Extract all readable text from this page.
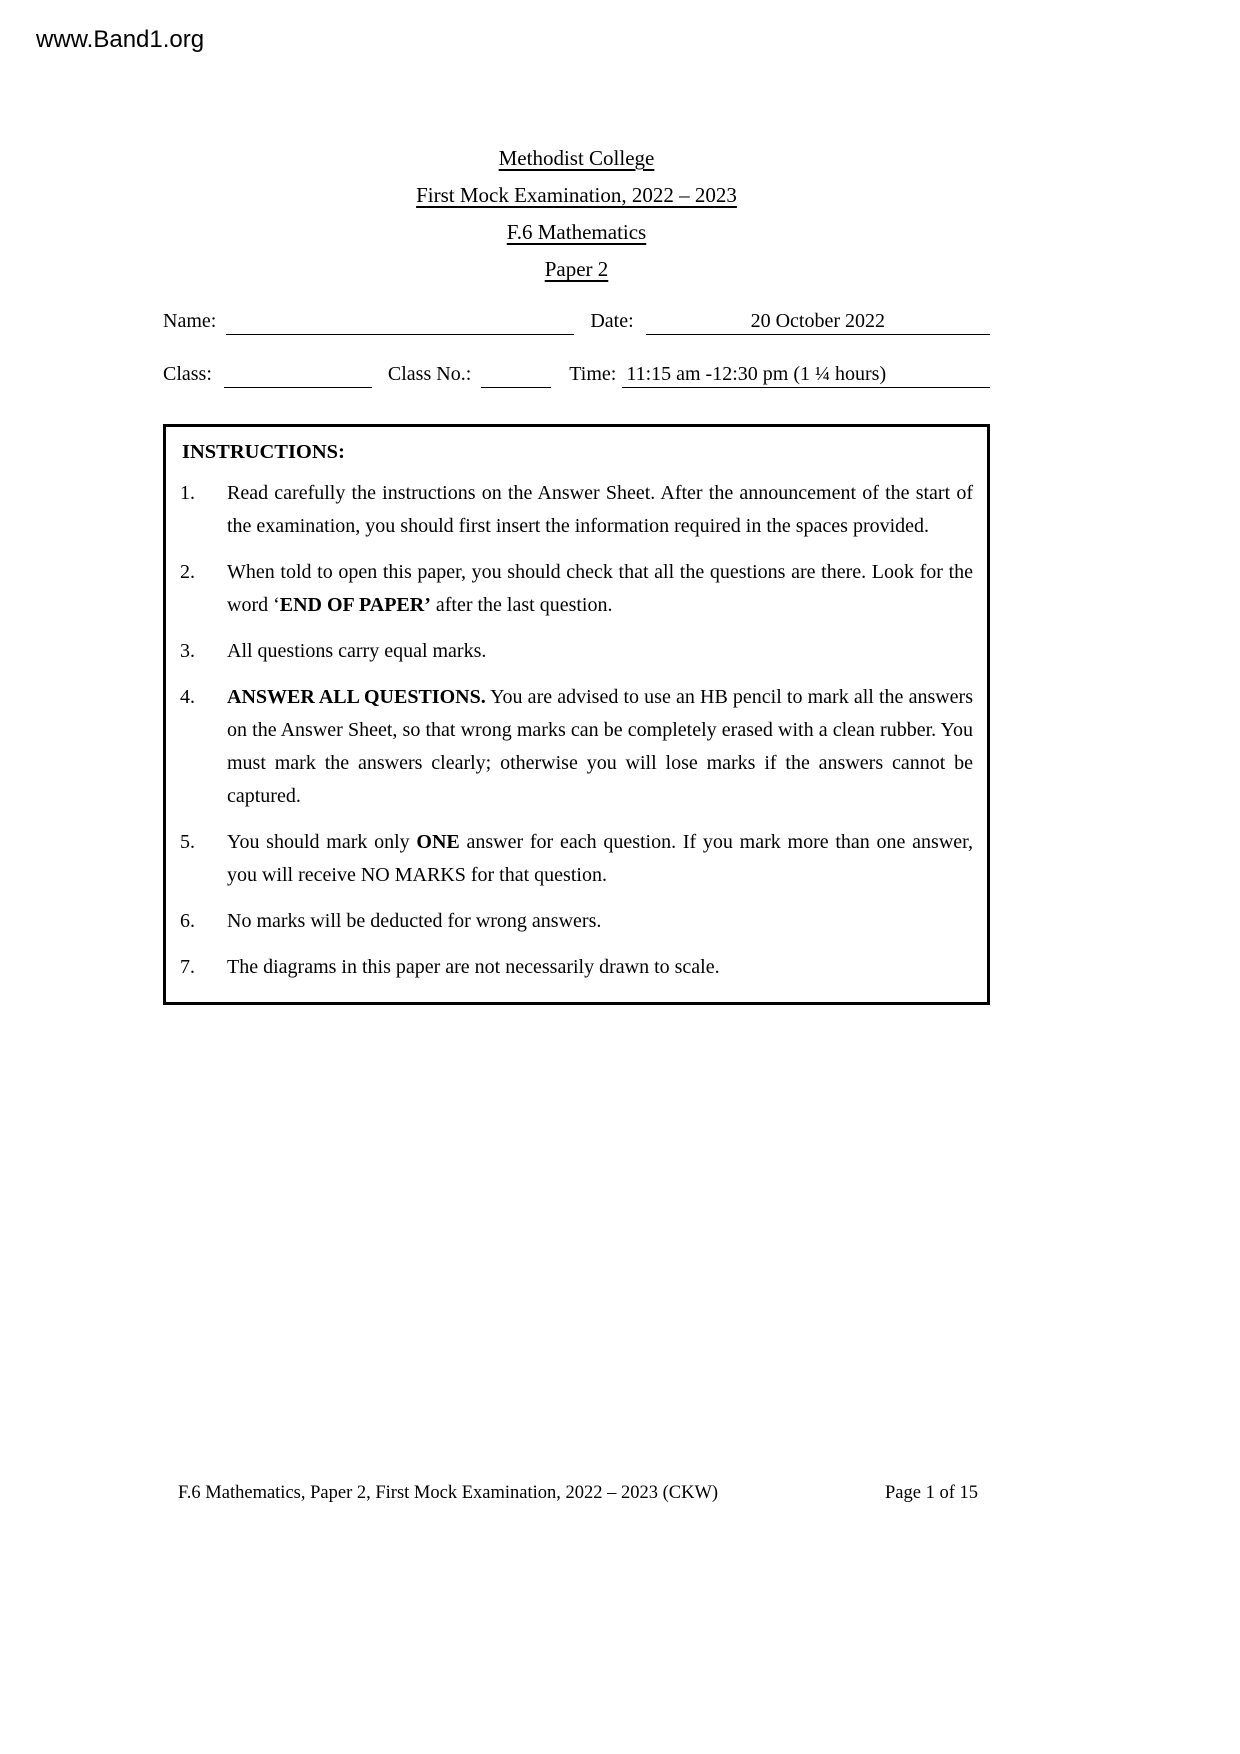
www.Band1.org
Methodist College
First Mock Examination, 2022 – 2023
F.6 Mathematics
Paper 2
Name:
	Date:	20 October 2022
Class:
	Class No.:
	Time: 11:15 am -12:30 pm (1 ¼ hours)
INSTRUCTIONS:
1.	Read carefully the instructions on the Answer Sheet. After the announcement of the start of the examination, you should first insert the information required in the spaces provided.
2.	When told to open this paper, you should check that all the questions are there. Look for the word ‘END OF PAPER’ after the last question.
3.	All questions carry equal marks.
4.	ANSWER ALL QUESTIONS. You are advised to use an HB pencil to mark all the answers on the Answer Sheet, so that wrong marks can be completely erased with a clean rubber. You must mark the answers clearly; otherwise you will lose marks if the answers cannot be captured.
5.	You should mark only ONE answer for each question. If you mark more than one answer, you will receive NO MARKS for that question.
6.	No marks will be deducted for wrong answers.
7.	The diagrams in this paper are not necessarily drawn to scale.
F.6 Mathematics, Paper 2, First Mock Examination, 2022 – 2023 (CKW)	Page 1 of 15
